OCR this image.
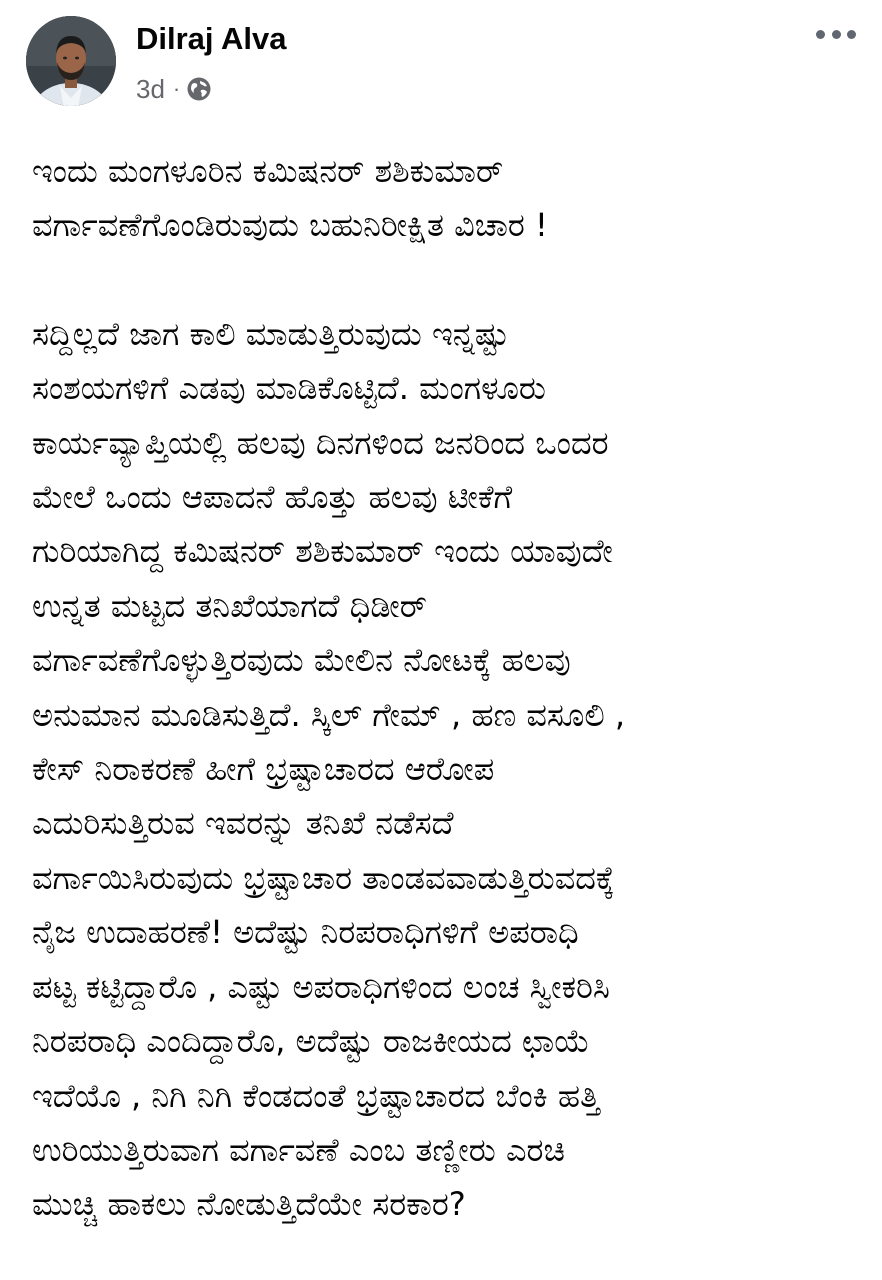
Dilraj Alva
3d ·

ಇಂದು ಮಂಗಳೂರಿನ ಕಮಿಷನರ್ ಶಶಿಕುಮಾರ್
ವರ್ಗಾವಣೆಗೊಂಡಿರುವುದು ಬಹುನಿರೀಕ್ಷಿತ ವಿಚಾರ !

ಸದ್ದಿಲ್ಲದೆ ಜಾಗ ಕಾಲಿ ಮಾಡುತ್ತಿರುವುದು ಇನ್ನಷ್ಟು
ಸಂಶಯಗಳಿಗೆ ಎಡವು ಮಾಡಿಕೊಟ್ಟಿದೆ. ಮಂಗಳೂರು
ಕಾರ್ಯವ್ಯಾಪ್ತಿಯಲ್ಲಿ ಹಲವು ದಿನಗಳಿಂದ ಜನರಿಂದ ಒಂದರ
ಮೇಲೆ ಒಂದು ಆಪಾದನೆ ಹೊತ್ತು ಹಲವು ಟೀಕೆಗೆ
ಗುರಿಯಾಗಿದ್ದ ಕಮಿಷನರ್ ಶಶಿಕುಮಾರ್ ಇಂದು ಯಾವುದೇ
ಉನ್ನತ ಮಟ್ಟದ ತನಿಖೆಯಾಗದೆ ಧಿಡೀರ್
ವರ್ಗಾವಣೆಗೊಳ್ಳುತ್ತಿರವುದು ಮೇಲಿನ ನೋಟಕ್ಕೆ ಹಲವು
ಅನುಮಾನ ಮೂಡಿಸುತ್ತಿದೆ. ಸ್ಕಿಲ್ ಗೇಮ್ , ಹಣ ವಸೂಲಿ ,
ಕೇಸ್ ನಿರಾಕರಣೆ ಹೀಗೆ ಭ್ರಷ್ಟಾಚಾರದ ಆರೋಪ
ಎದುರಿಸುತ್ತಿರುವ ಇವರನ್ನು ತನಿಖೆ ನಡೆಸದೆ
ವರ್ಗಾಯಿಸಿರುವುದು ಭ್ರಷ್ಟಾಚಾರ ತಾಂಡವವಾಡುತ್ತಿರುವದಕ್ಕೆ
ನೈಜ ಉದಾಹರಣೆ! ಅದೆಷ್ಟು ನಿರಪರಾಧಿಗಳಿಗೆ ಅಪರಾಧಿ
ಪಟ್ಟ ಕಟ್ಟಿದ್ದಾರೊ , ಎಷ್ಟು ಅಪರಾಧಿಗಳಿಂದ ಲಂಚ ಸ್ವೀಕರಿಸಿ
ನಿರಪರಾಧಿ ಎಂದಿದ್ದಾರೊ, ಅದೆಷ್ಟು ರಾಜಕೀಯದ ಛಾಯೆ
ಇದೆಯೊ , ನಿಗಿ ನಿಗಿ ಕೆಂಡದಂತೆ ಭ್ರಷ್ಟಾಚಾರದ ಬೆಂಕಿ ಹತ್ತಿ
ಉರಿಯುತ್ತಿರುವಾಗ ವರ್ಗಾವಣೆ ಎಂಬ ತಣ್ಣೀರು ಎರಚಿ
ಮುಚ್ಚಿ ಹಾಕಲು ನೋಡುತ್ತಿದೆಯೇ ಸರಕಾರ?
